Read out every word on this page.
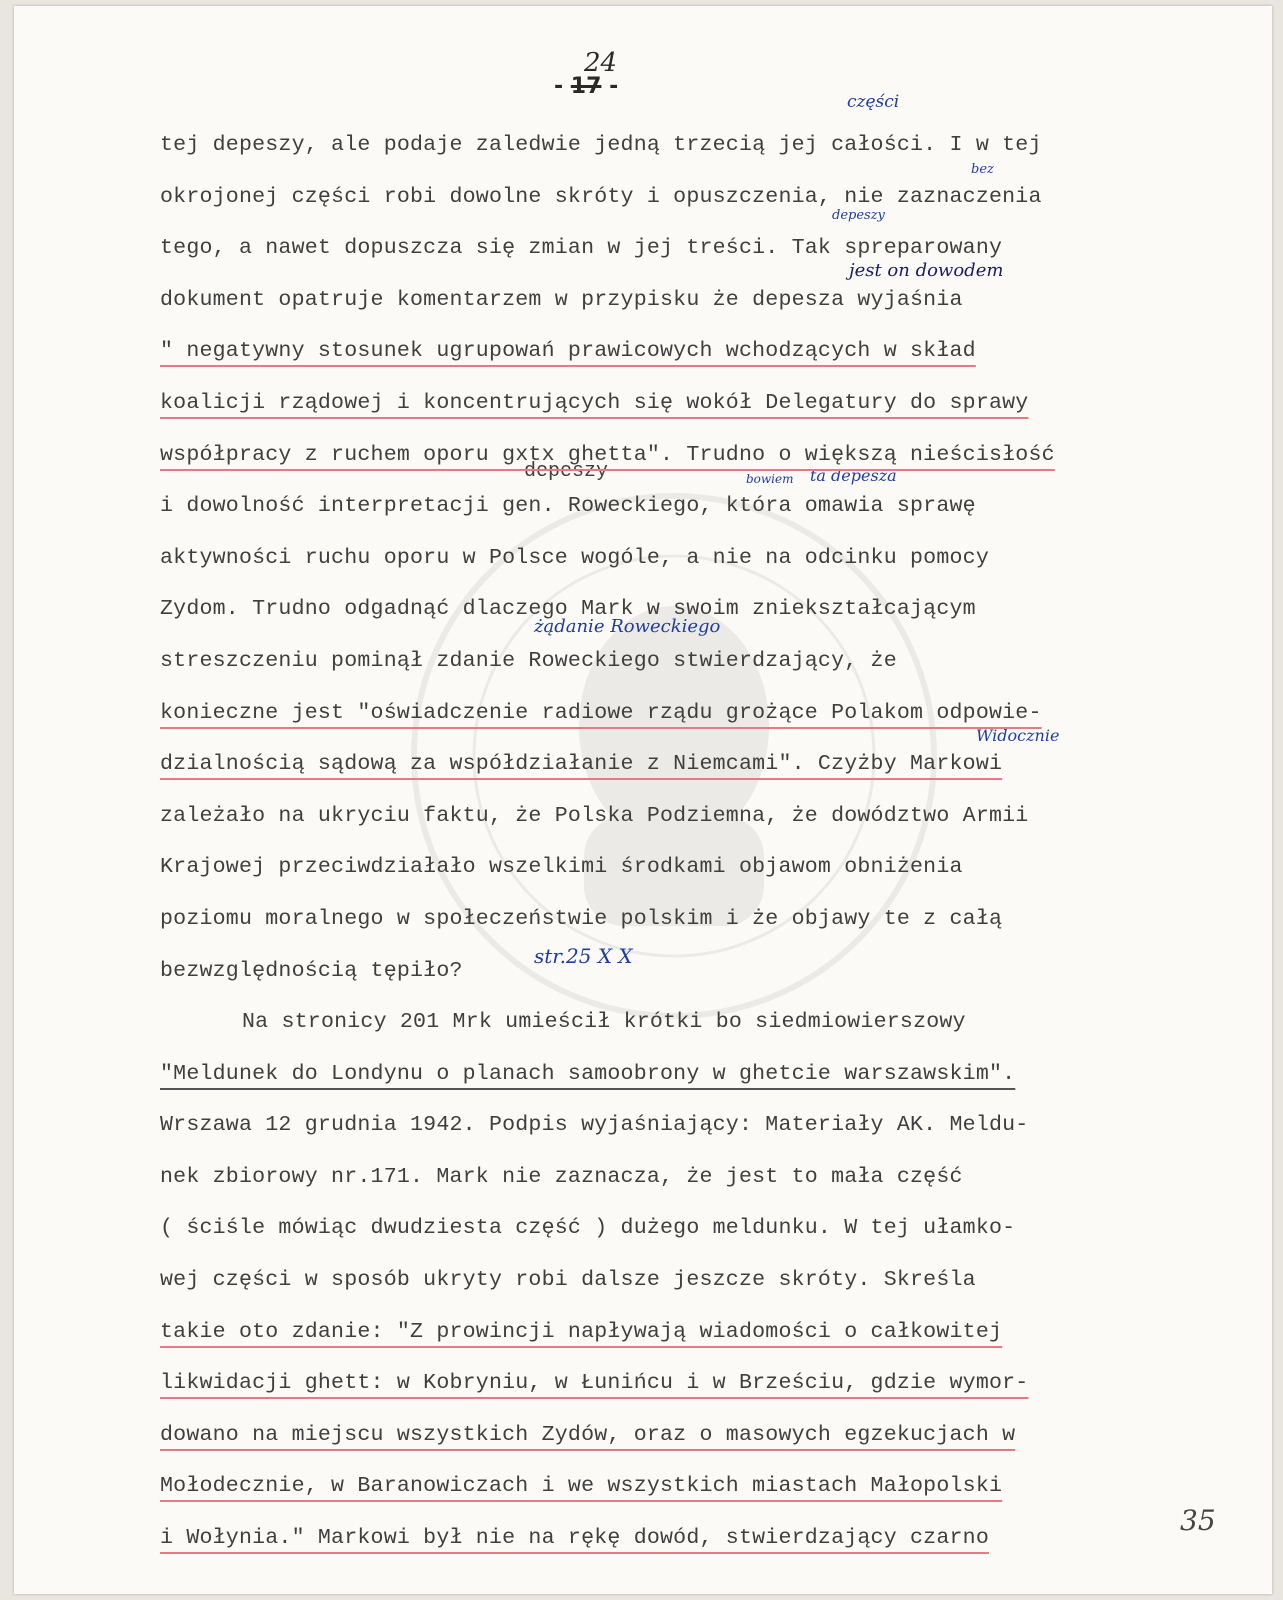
24
- 17 -
części
bez
depeszy
jest on dowodem
depeszy	bowiem ta depesza
żądanie Roweckiego
Widocznie
str.25 X X
tej depeszy, ale podaje zaledwie jedną trzecią jej całości. I w tej
okrojonej części robi dowolne skróty i opuszczenia, nie zaznaczenia
tego, a nawet dopuszcza się zmian w jej treści. Tak spreparowany
dokument opatruje komentarzem w przypisku że depesza wyjaśnia
" negatywny stosunek ugrupowań prawicowych wchodzących w skład
koalicji rządowej i koncentrujących się wokół Delegatury do sprawy
współpracy z ruchem oporu gxtx ghetta". Trudno o większą nieścisłość
i dowolność interpretacji gen. Roweckiego, która omawia sprawę
aktywności ruchu oporu w Polsce wogóle, a nie na odcinku pomocy
Zydom. Trudno odgadnąć dlaczego Mark w swoim zniekształcającym
streszczeniu pominął zdanie Roweckiego stwierdzający, że
konieczne jest "oświadczenie radiowe rządu grożące Polakom odpowie-
dzialnością sądową za współdziałanie z Niemcami". Czyżby Markowi
zależało na ukryciu faktu, że Polska Podziemna, że dowództwo Armii
Krajowej przeciwdziałało wszelkimi środkami objawom obniżenia
poziomu moralnego w społeczeństwie polskim i że objawy te z całą
bezwzględnością tępiło?
Na stronicy 201 Mrk umieścił krótki bo siedmiowierszowy
"Meldunek do Londynu o planach samoobrony w ghetcie warszawskim".
Wrszawa 12 grudnia 1942. Podpis wyjaśniający: Materiały AK. Meldu-
nek zbiorowy nr.171. Mark nie zaznacza, że jest to mała część
( ściśle mówiąc dwudziesta część ) dużego meldunku. W tej ułamko-
wej części w sposób ukryty robi dalsze jeszcze skróty. Skreśla
takie oto zdanie: "Z prowincji napływają wiadomości o całkowitej
likwidacji ghett: w Kobryniu, w Łunińcu i w Brześciu, gdzie wymor-
dowano na miejscu wszystkich Zydów, oraz o masowych egzekucjach w
Mołodecznie, w Baranowiczach i we wszystkich miastach Małopolski
i Wołynia." Markowi był nie na rękę dowód, stwierdzający czarno
35
